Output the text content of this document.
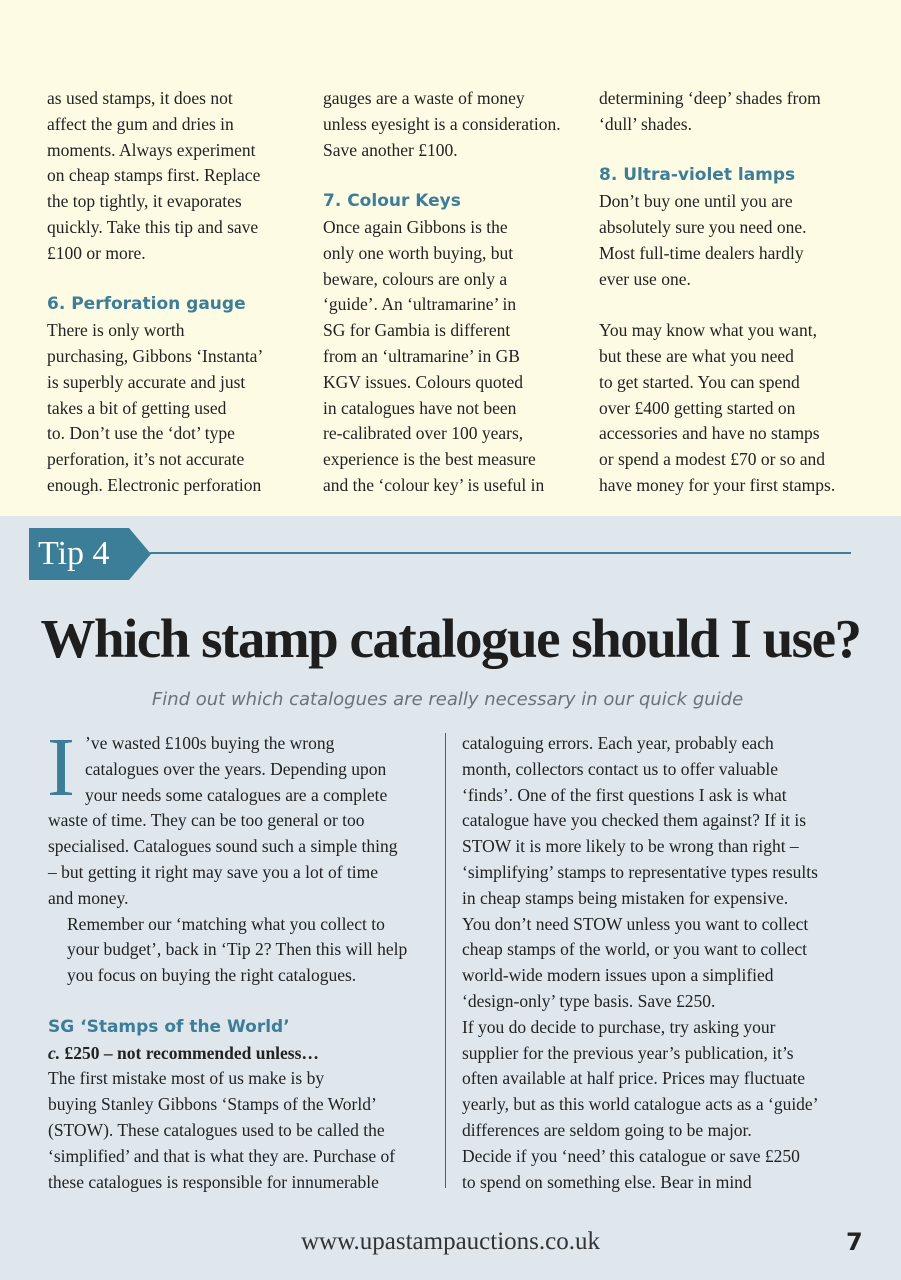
as used stamps, it does not
affect the gum and dries in
moments. Always experiment
on cheap stamps first. Replace
the top tightly, it evaporates
quickly. Take this tip and save
£100 or more.
6. Perforation gauge
There is only worth
purchasing, Gibbons ‘Instanta’
is superbly accurate and just
takes a bit of getting used
to. Don’t use the ‘dot’ type
perforation, it’s not accurate
enough. Electronic perforation
gauges are a waste of money
unless eyesight is a consideration.
Save another £100.
7. Colour Keys
Once again Gibbons is the
only one worth buying, but
beware, colours are only a
‘guide’. An ‘ultramarine’ in
SG for Gambia is different
from an ‘ultramarine’ in GB
KGV issues. Colours quoted
in catalogues have not been
re-calibrated over 100 years,
experience is the best measure
and the ‘colour key’ is useful in
determining ‘deep’ shades from
‘dull’ shades.
8. Ultra-violet lamps
Don’t buy one until you are
absolutely sure you need one.
Most full-time dealers hardly
ever use one.
You may know what you want,
but these are what you need
to get started. You can spend
over £400 getting started on
accessories and have no stamps
or spend a modest £70 or so and
have money for your first stamps.
Tip 4
Which stamp catalogue should I use?
Find out which catalogues are really necessary in our quick guide
I ’ve wasted £100s buying the wrong
catalogues over the years. Depending upon
your needs some catalogues are a complete
waste of time. They can be too general or too
specialised. Catalogues sound such a simple thing
– but getting it right may save you a lot of time
and money.
Remember our ‘matching what you collect to
your budget’, back in ‘Tip 2? Then this will help
you focus on buying the right catalogues.
SG ‘Stamps of the World’
c. £250 – not recommended unless…
The first mistake most of us make is by
buying Stanley Gibbons ‘Stamps of the World’
(STOW). These catalogues used to be called the
‘simplified’ and that is what they are. Purchase of
these catalogues is responsible for innumerable
cataloguing errors. Each year, probably each
month, collectors contact us to offer valuable
‘finds’. One of the first questions I ask is what
catalogue have you checked them against? If it is
STOW it is more likely to be wrong than right –
‘simplifying’ stamps to representative types results
in cheap stamps being mistaken for expensive.
You don’t need STOW unless you want to collect
cheap stamps of the world, or you want to collect
world-wide modern issues upon a simplified
‘design-only’ type basis. Save £250.
If you do decide to purchase, try asking your
supplier for the previous year’s publication, it’s
often available at half price. Prices may fluctuate
yearly, but as this world catalogue acts as a ‘guide’
differences are seldom going to be major.
Decide if you ‘need’ this catalogue or save £250
to spend on something else. Bear in mind
www.upastampauctions.co.uk	7
